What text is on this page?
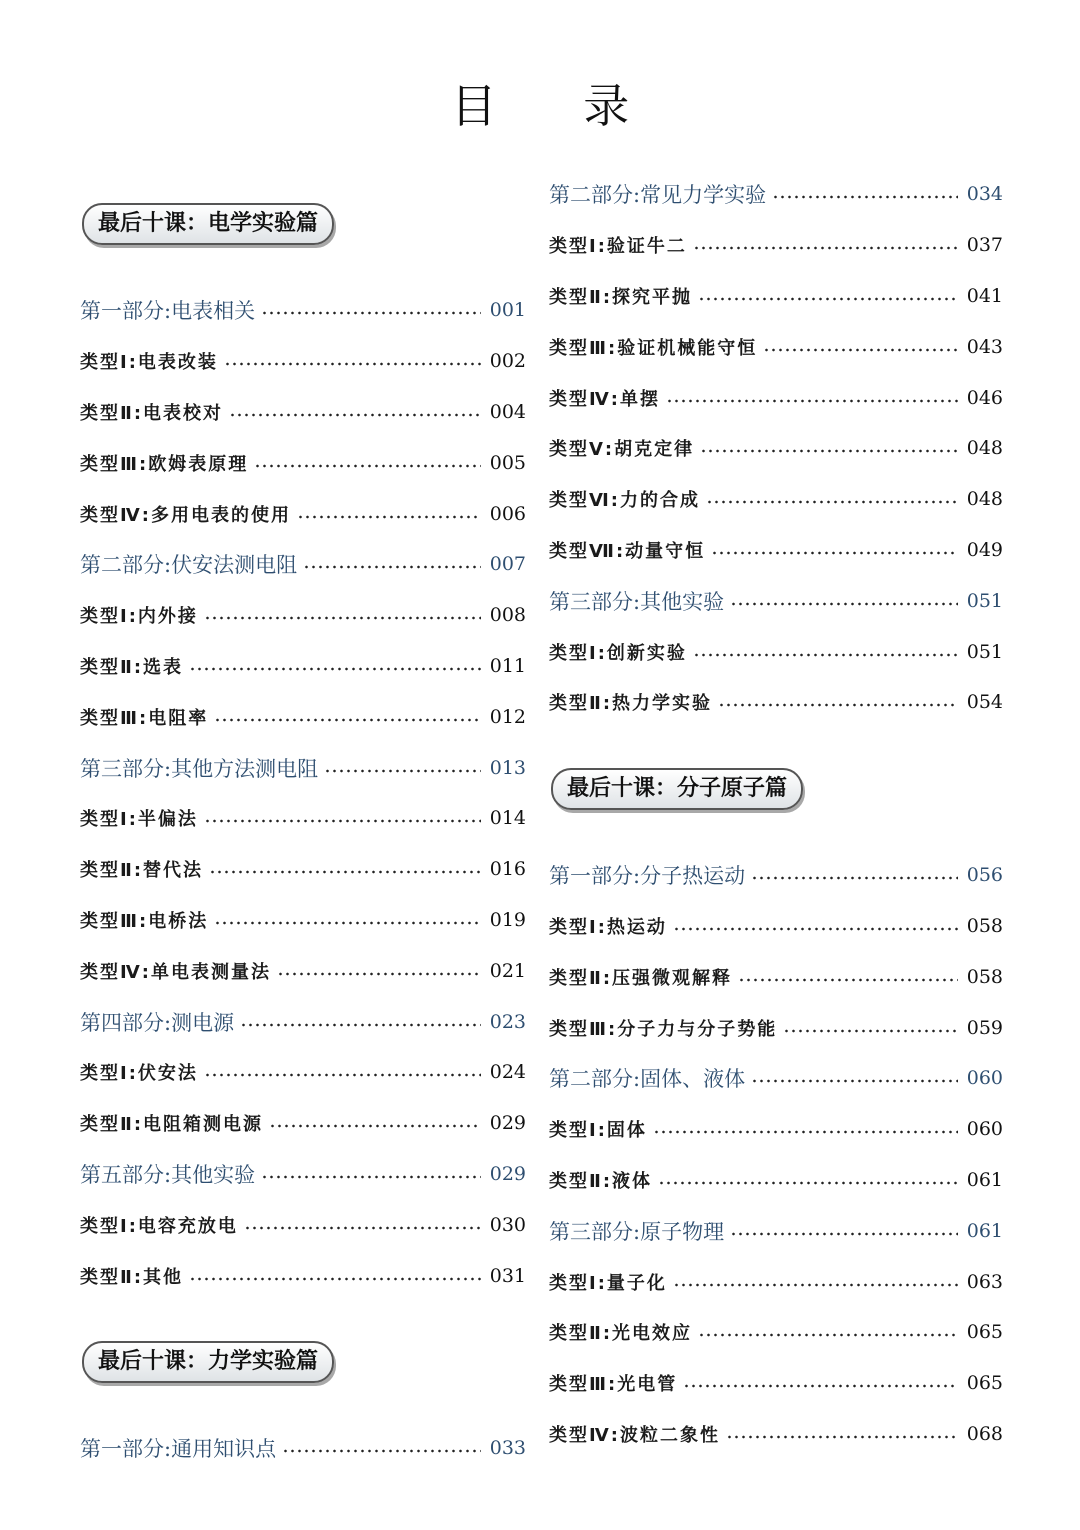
目 录
最后十课：电学实验篇
第一部分:电表相关	001
类型Ⅰ:电表改装	002
类型Ⅱ:电表校对	004
类型Ⅲ:欧姆表原理	005
类型Ⅳ:多用电表的使用	006
第二部分:伏安法测电阻	007
类型Ⅰ:内外接	008
类型Ⅱ:选表	011
类型Ⅲ:电阻率	012
第三部分:其他方法测电阻	013
类型Ⅰ:半偏法	014
类型Ⅱ:替代法	016
类型Ⅲ:电桥法	019
类型Ⅳ:单电表测量法	021
第四部分:测电源	023
类型Ⅰ:伏安法	024
类型Ⅱ:电阻箱测电源	029
第五部分:其他实验	029
类型Ⅰ:电容充放电	030
类型Ⅱ:其他	031
最后十课：力学实验篇
第一部分:通用知识点	033
第二部分:常见力学实验	034
类型Ⅰ:验证牛二	037
类型Ⅱ:探究平抛	041
类型Ⅲ:验证机械能守恒	043
类型Ⅳ:单摆	046
类型Ⅴ:胡克定律	048
类型Ⅵ:力的合成	048
类型Ⅶ:动量守恒	049
第三部分:其他实验	051
类型Ⅰ:创新实验	051
类型Ⅱ:热力学实验	054
最后十课：分子原子篇
第一部分:分子热运动	056
类型Ⅰ:热运动	058
类型Ⅱ:压强微观解释	058
类型Ⅲ:分子力与分子势能	059
第二部分:固体、液体	060
类型Ⅰ:固体	060
类型Ⅱ:液体	061
第三部分:原子物理	061
类型Ⅰ:量子化	063
类型Ⅱ:光电效应	065
类型Ⅲ:光电管	065
类型Ⅳ:波粒二象性	068
